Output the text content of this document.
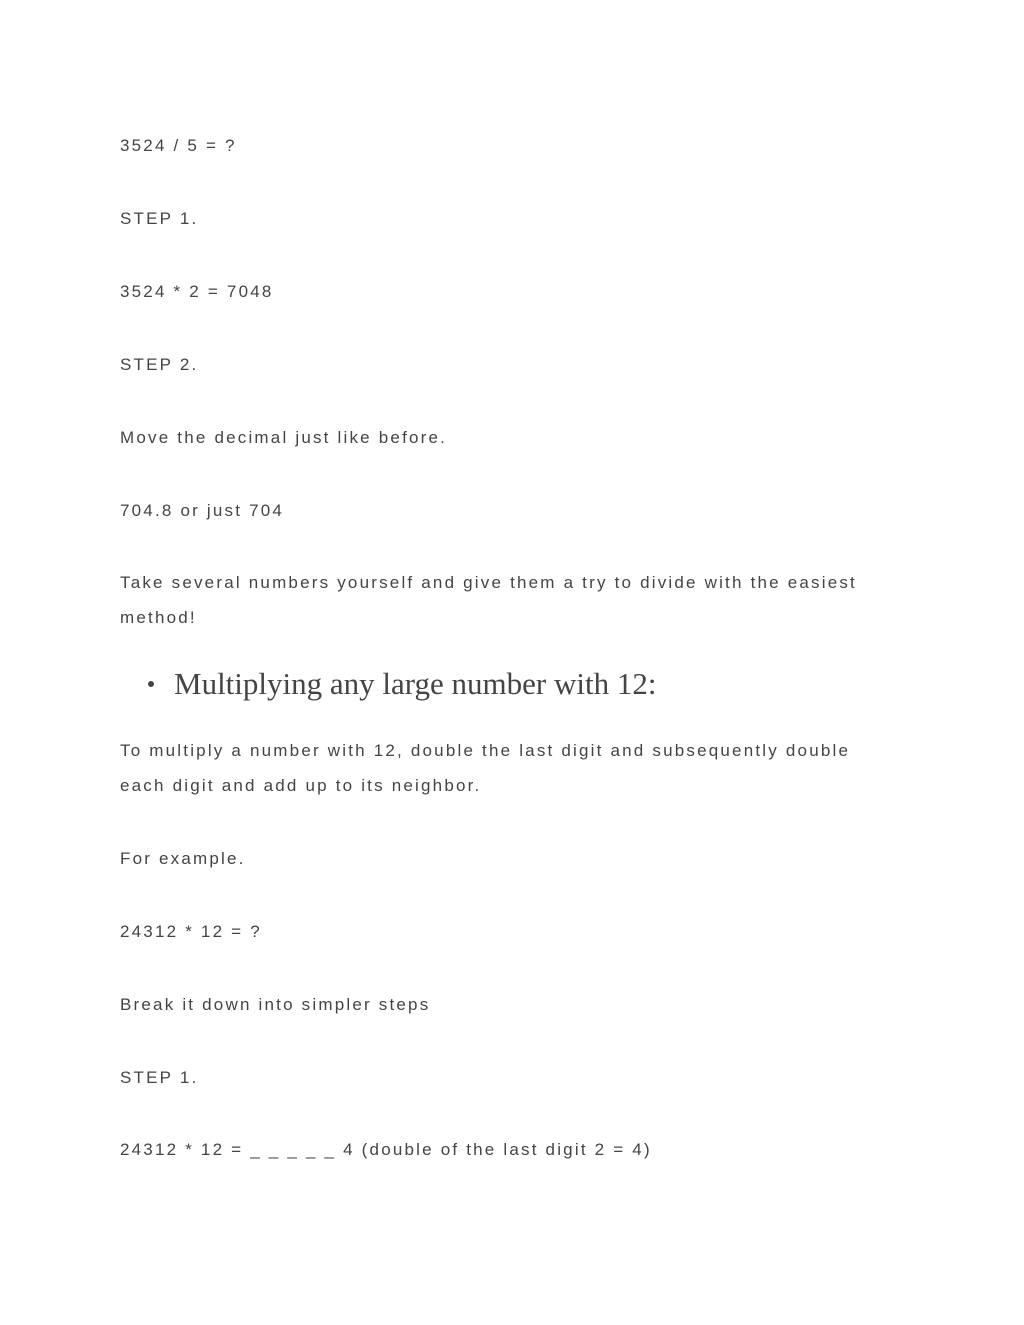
3524 / 5 = ?

STEP 1.

3524 * 2 = 7048

STEP 2.

Move the decimal just like before.

704.8 or just 704

Take several numbers yourself and give them a try to divide with the easiest method!

Multiplying any large number with 12:

To multiply a number with 12, double the last digit and subsequently double each digit and add up to its neighbor.

For example.

24312 * 12 = ?

Break it down into simpler steps

STEP 1.

24312 * 12 = _ _ _ _ _ 4 (double of the last digit 2 = 4)
